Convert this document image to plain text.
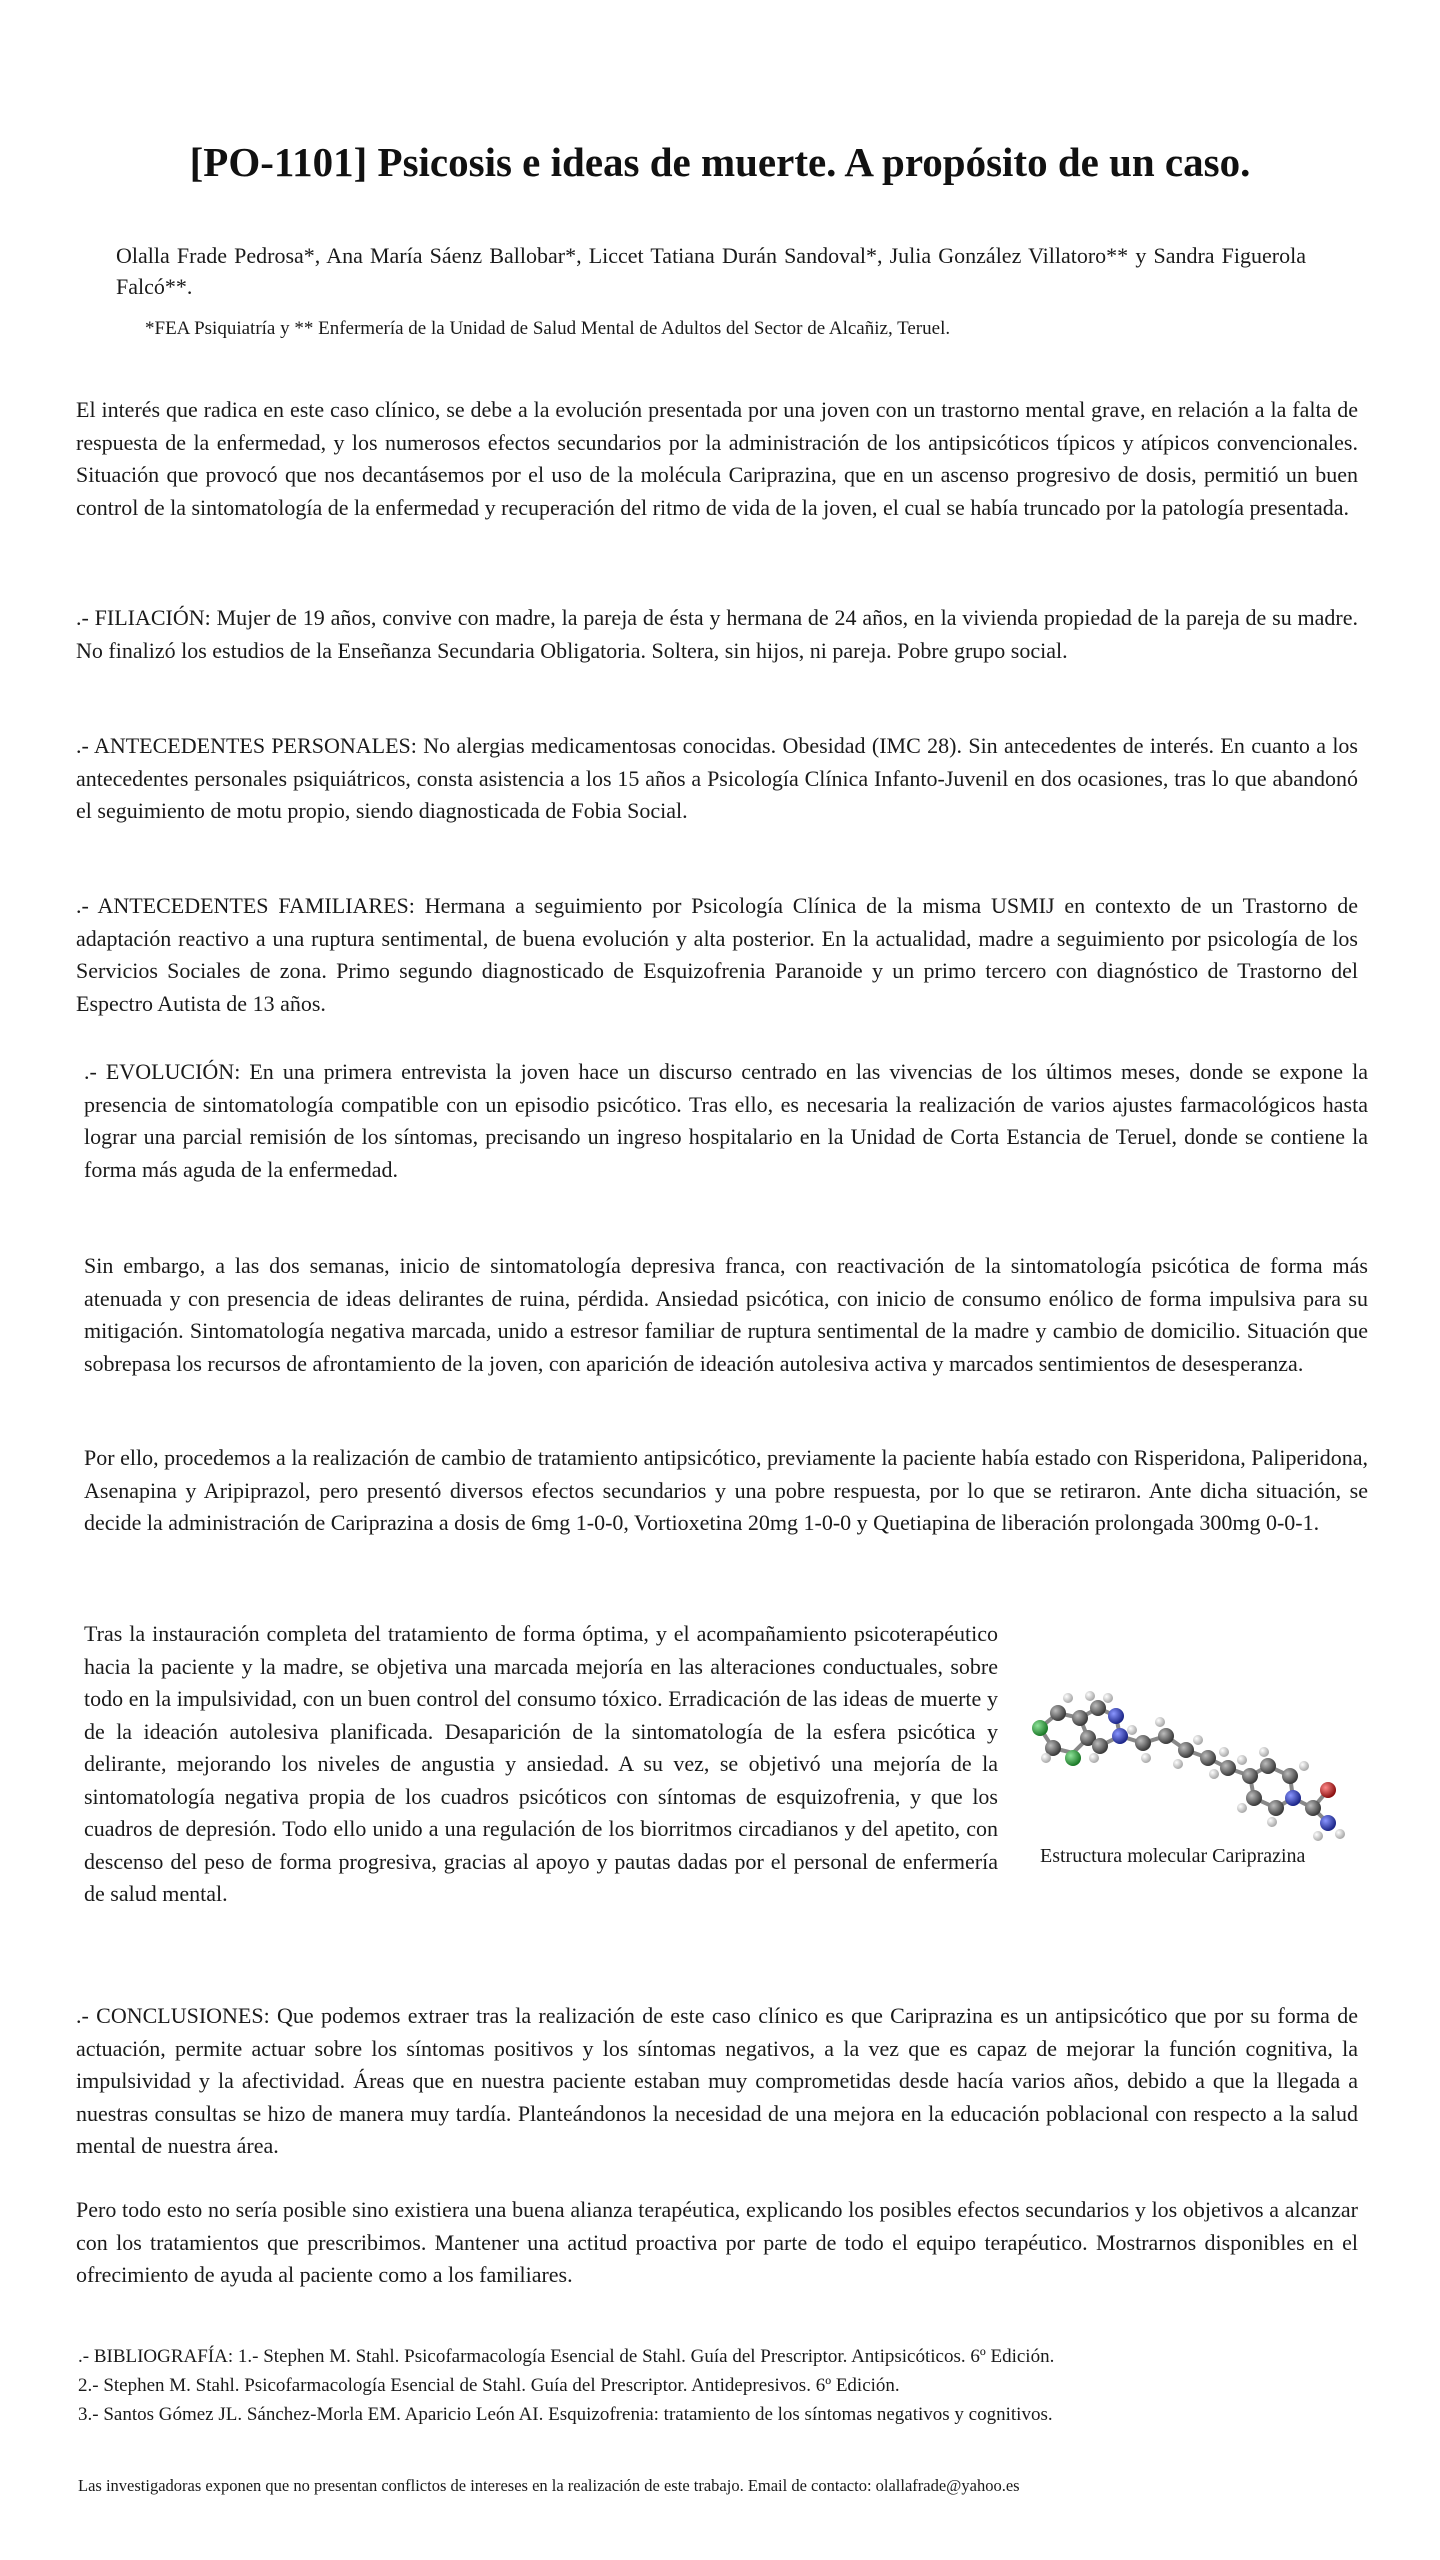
[PO-1101] Psicosis e ideas de muerte. A propósito de un caso.
Olalla Frade Pedrosa*, Ana María Sáenz Ballobar*, Liccet Tatiana Durán Sandoval*, Julia González Villatoro** y Sandra Figuerola Falcó**.
*FEA Psiquiatría y ** Enfermería de la Unidad de Salud Mental de Adultos del Sector de Alcañiz, Teruel.

El interés que radica en este caso clínico, se debe a la evolución presentada por una joven con un trastorno mental grave, en relación a la falta de respuesta de la enfermedad, y los numerosos efectos secundarios por la administración de los antipsicóticos típicos y atípicos convencionales. Situación que provocó que nos decantásemos por el uso de la molécula Cariprazina, que en un ascenso progresivo de dosis, permitió un buen control de la sintomatología de la enfermedad y recuperación del ritmo de vida de la joven, el cual se había truncado por la patología presentada.

.- FILIACIÓN: Mujer de 19 años, convive con madre, la pareja de ésta y hermana de 24 años, en la vivienda propiedad de la pareja de su madre. No finalizó los estudios de la Enseñanza Secundaria Obligatoria. Soltera, sin hijos, ni pareja. Pobre grupo social.

.- ANTECEDENTES PERSONALES: No alergias medicamentosas conocidas. Obesidad (IMC 28). Sin antecedentes de interés. En cuanto a los antecedentes personales psiquiátricos, consta asistencia a los 15 años a Psicología Clínica Infanto-Juvenil en dos ocasiones, tras lo que abandonó el seguimiento de motu propio, siendo diagnosticada de Fobia Social.

.- ANTECEDENTES FAMILIARES: Hermana a seguimiento por Psicología Clínica de la misma USMIJ en contexto de un Trastorno de adaptación reactivo a una ruptura sentimental, de buena evolución y alta posterior. En la actualidad, madre a seguimiento por psicología de los Servicios Sociales de zona. Primo segundo diagnosticado de Esquizofrenia Paranoide y un primo tercero con diagnóstico de Trastorno del Espectro Autista de 13 años.

.- EVOLUCIÓN: En una primera entrevista la joven hace un discurso centrado en las vivencias de los últimos meses, donde se expone la presencia de sintomatología compatible con un episodio psicótico. Tras ello, es necesaria la realización de varios ajustes farmacológicos hasta lograr una parcial remisión de los síntomas, precisando un ingreso hospitalario en la Unidad de Corta Estancia de Teruel, donde se contiene la forma más aguda de la enfermedad.

Sin embargo, a las dos semanas, inicio de sintomatología depresiva franca, con reactivación de la sintomatología psicótica de forma más atenuada y con presencia de ideas delirantes de ruina, pérdida. Ansiedad psicótica, con inicio de consumo enólico de forma impulsiva para su mitigación. Sintomatología negativa marcada, unido a estresor familiar de ruptura sentimental de la madre y cambio de domicilio. Situación que sobrepasa los recursos de afrontamiento de la joven, con aparición de ideación autolesiva activa y marcados sentimientos de desesperanza.

Por ello, procedemos a la realización de cambio de tratamiento antipsicótico, previamente la paciente había estado con Risperidona, Paliperidona, Asenapina y Aripiprazol, pero presentó diversos efectos secundarios y una pobre respuesta, por lo que se retiraron. Ante dicha situación, se decide la administración de Cariprazina a dosis de 6mg 1-0-0, Vortioxetina 20mg 1-0-0 y Quetiapina de liberación prolongada 300mg 0-0-1.

Tras la instauración completa del tratamiento de forma óptima, y el acompañamiento psicoterapéutico hacia la paciente y la madre, se objetiva una marcada mejoría en las alteraciones conductuales, sobre todo en la impulsividad, con un buen control del consumo tóxico. Erradicación de las ideas de muerte y de la ideación autolesiva planificada. Desaparición de la sintomatología de la esfera psicótica y delirante, mejorando los niveles de angustia y ansiedad. A su vez, se objetivó una mejoría de la sintomatología negativa propia de los cuadros psicóticos con síntomas de esquizofrenia, y que los cuadros de depresión. Todo ello unido a una regulación de los biorritmos circadianos y del apetito, con descenso del peso de forma progresiva, gracias al apoyo y pautas dadas por el personal de enfermería de salud mental.

Estructura molecular Cariprazina

.- CONCLUSIONES: Que podemos extraer tras la realización de este caso clínico es que Cariprazina es un antipsicótico que por su forma de actuación, permite actuar sobre los síntomas positivos y los síntomas negativos, a la vez que es capaz de mejorar la función cognitiva, la impulsividad y la afectividad. Áreas que en nuestra paciente estaban muy comprometidas desde hacía varios años, debido a que la llegada a nuestras consultas se hizo de manera muy tardía. Planteándonos la necesidad de una mejora en la educación poblacional con respecto a la salud mental de nuestra área.

Pero todo esto no sería posible sino existiera una buena alianza terapéutica, explicando los posibles efectos secundarios y los objetivos a alcanzar con los tratamientos que prescribimos. Mantener una actitud proactiva por parte de todo el equipo terapéutico. Mostrarnos disponibles en el ofrecimiento de ayuda al paciente como a los familiares.

.- BIBLIOGRAFÍA: 1.- Stephen M. Stahl. Psicofarmacología Esencial de Stahl. Guía del Prescriptor. Antipsicóticos. 6º Edición.
2.- Stephen M. Stahl. Psicofarmacología Esencial de Stahl. Guía del Prescriptor. Antidepresivos. 6º Edición.
3.- Santos Gómez JL. Sánchez-Morla EM. Aparicio León AI. Esquizofrenia: tratamiento de los síntomas negativos y cognitivos.
Las investigadoras exponen que no presentan conflictos de intereses en la realización de este trabajo. Email de contacto: olallafrade@yahoo.es
